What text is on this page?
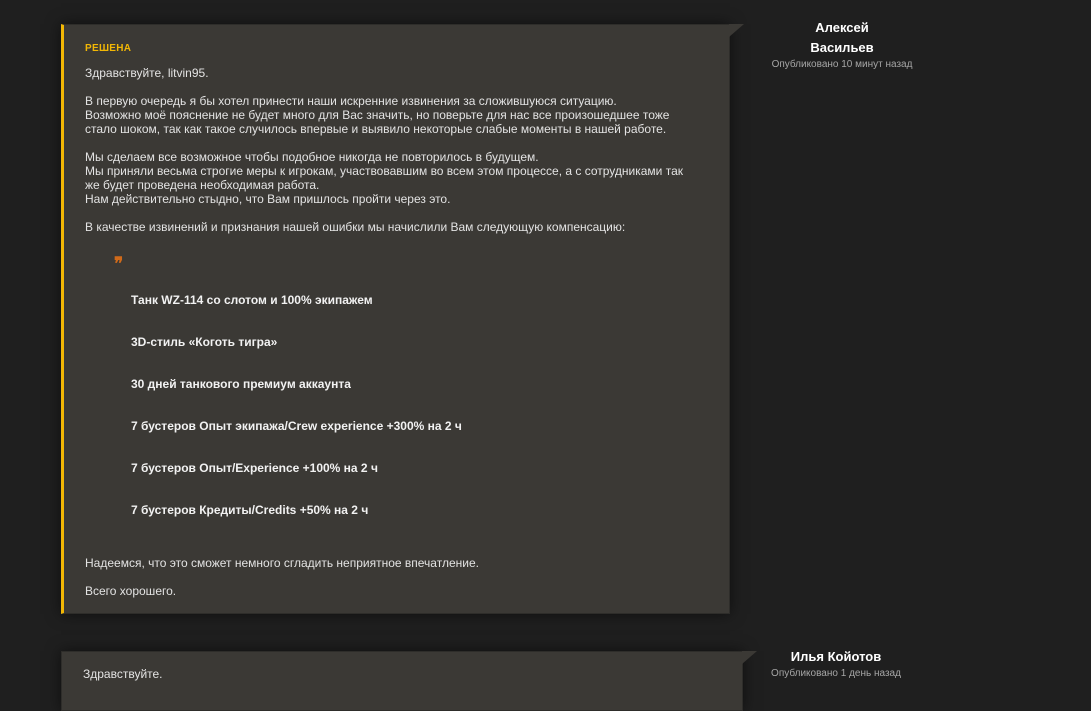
РЕШЕНА

Здравствуйте, litvin95.

В первую очередь я бы хотел принести наши искренние извинения за сложившуюся ситуацию.
Возможно моё пояснение не будет много для Вас значить, но поверьте для нас все произошедшее тоже
стало шоком, так как такое случилось впервые и выявило некоторые слабые моменты в нашей работе.

Мы сделаем все возможное чтобы подобное никогда не повторилось в будущем.
Мы приняли весьма строгие меры к игрокам, участвовавшим во всем этом процессе, а с сотрудниками так
же будет проведена необходимая работа.
Нам действительно стыдно, что Вам пришлось пройти через это.

В качестве извинений и признания нашей ошибки мы начислили Вам следующую компенсацию:

❞
Танк WZ-114 со слотом и 100% экипажем
3D-стиль «Коготь тигра»
30 дней танкового премиум аккаунта
7 бустеров Опыт экипажа/Crew experience +300% на 2 ч
7 бустеров Опыт/Experience +100% на 2 ч
7 бустеров Кредиты/Credits +50% на 2 ч

Надеемся, что это сможет немного сгладить неприятное впечатление.

Всего хорошего.

Алексей
Васильев
Опубликовано 10 минут назад
Здравствуйте.
Илья Койотов
Опубликовано 1 день назад
